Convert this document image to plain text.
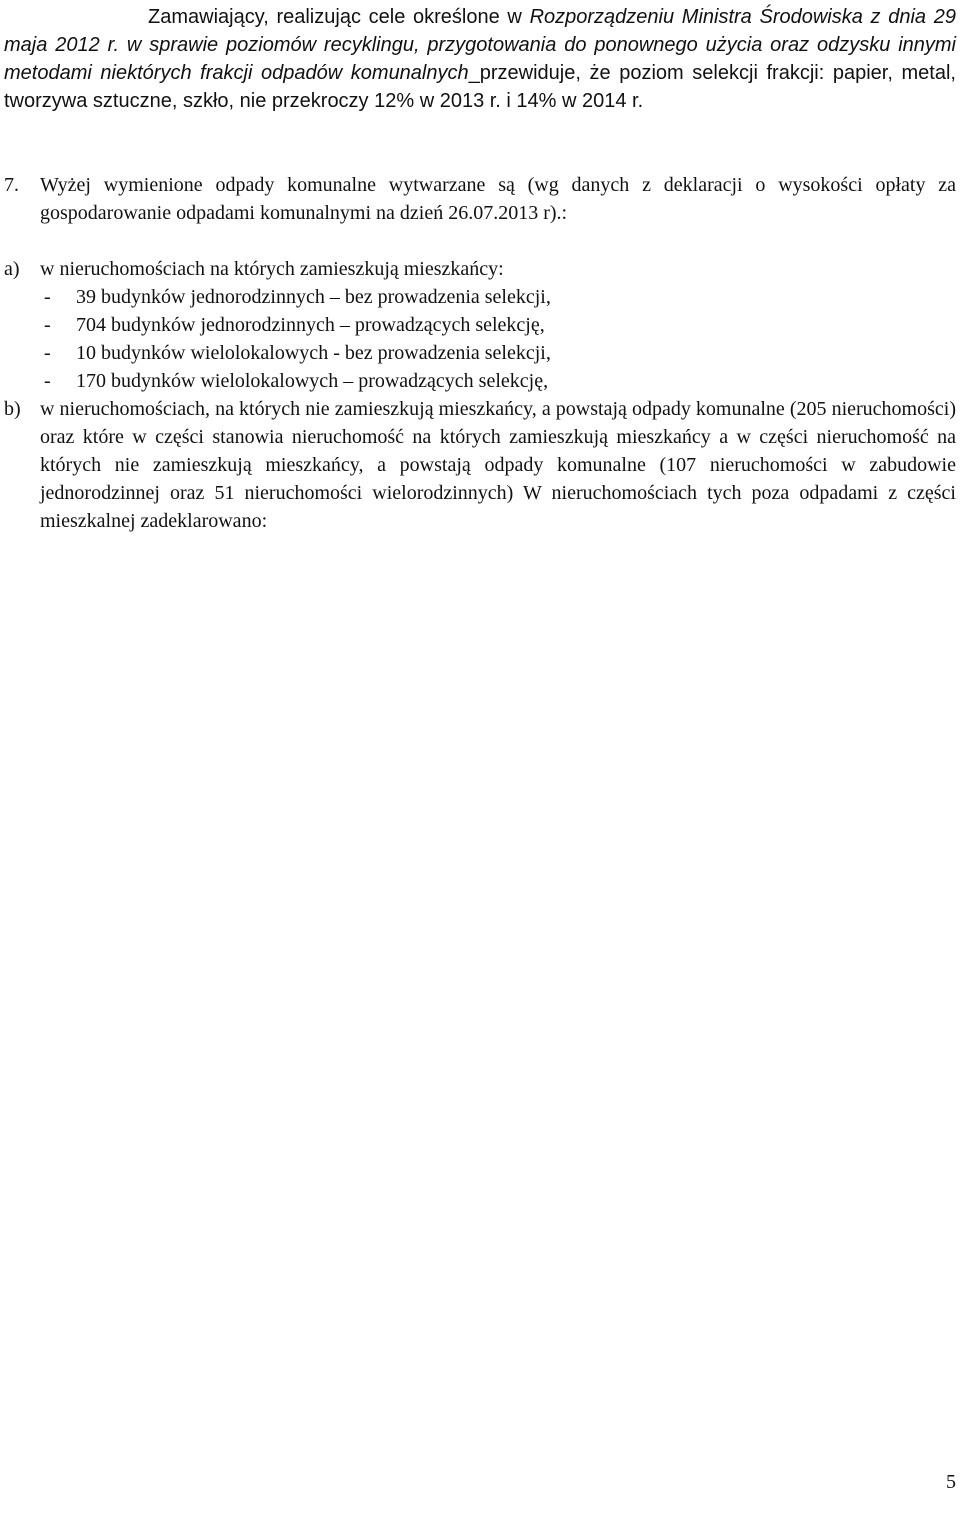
Zamawiający, realizując cele określone w Rozporządzeniu Ministra Środowiska z dnia 29 maja 2012 r. w sprawie poziomów recyklingu, przygotowania do ponownego użycia oraz odzysku innymi metodami niektórych frakcji odpadów komunalnych_przewiduje, że poziom selekcji frakcji: papier, metal, tworzywa sztuczne, szkło, nie przekroczy 12% w 2013 r. i 14% w 2014 r.

7.	Wyżej wymienione odpady komunalne wytwarzane są (wg danych z deklaracji o wysokości opłaty za gospodarowanie odpadami komunalnymi na dzień 26.07.2013 r).:
a)	w nieruchomościach na których zamieszkują mieszkańcy:
-	39 budynków jednorodzinnych – bez prowadzenia selekcji,
-	704 budynków jednorodzinnych – prowadzących selekcję,
-	10 budynków wielolokalowych - bez prowadzenia selekcji,
-	170 budynków wielolokalowych – prowadzących selekcję,
b) w nieruchomościach, na których nie zamieszkują mieszkańcy, a powstają odpady komunalne (205 nieruchomości) oraz które w części stanowia nieruchomość na których zamieszkują mieszkańcy a w części nieruchomość na których nie zamieszkują mieszkańcy, a powstają odpady komunalne (107 nieruchomości w zabudowie jednorodzinnej oraz 51 nieruchomości wielorodzinnych) W nieruchomościach tych poza odpadami z części mieszkalnej zadeklarowano:
5
